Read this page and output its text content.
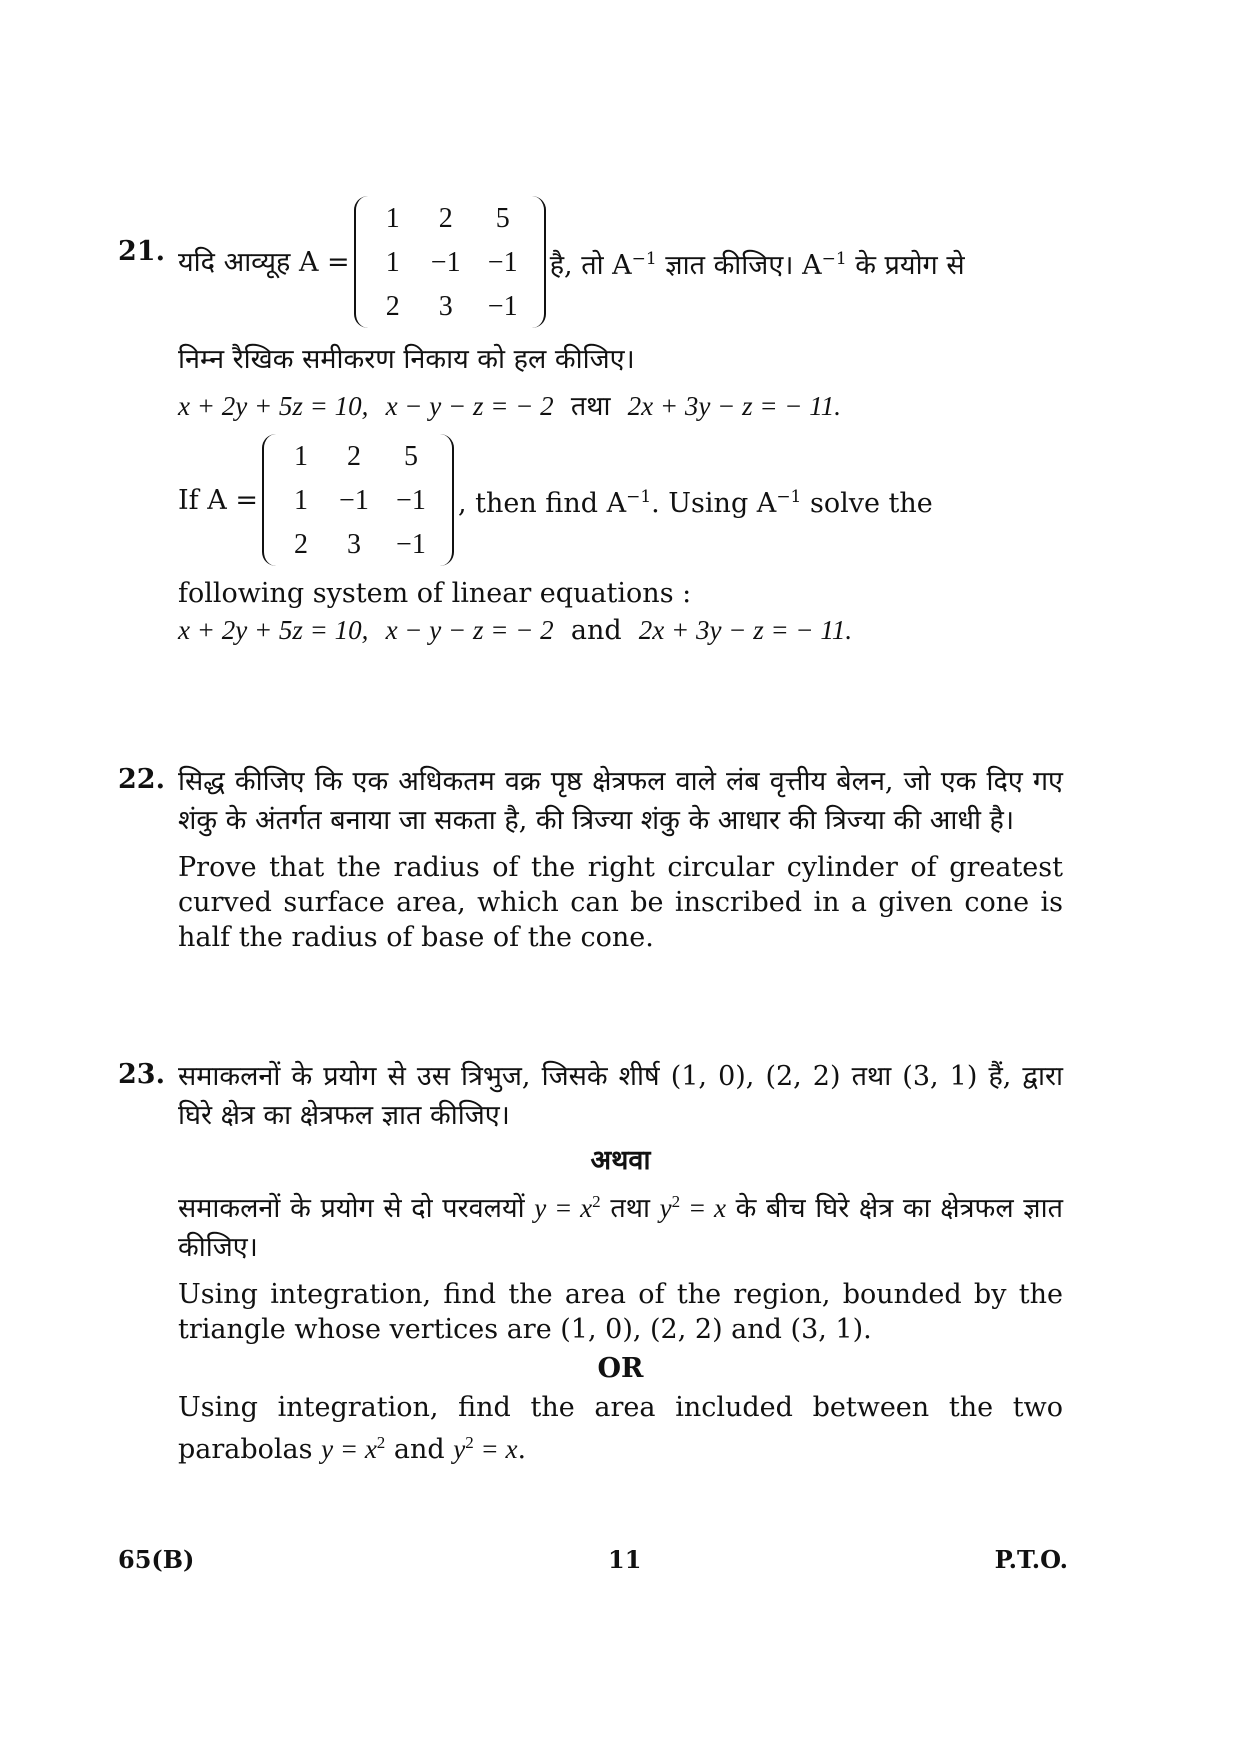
21. यदि आव्यूह A =
1	2	5
1	−1 −1
2	3	−1
है, तो $A^{-1}$ ज्ञात कीजिए। $A^{-1}$ के प्रयोग से

निम्न रैखिक समीकरण निकाय को हल कीजिए।

x + 2y + 5z = 10, x − y − z = − 2 तथा 2x + 3y − z = − 11.

If A =
1	2	5
1	−1 −1
2	3	−1
, then find $A^{-1}$. Using $A^{-1}$ solve the

following system of linear equations :

x + 2y + 5z = 10, x − y − z = − 2 and 2x + 3y − z = − 11.

22. सिद्ध कीजिए कि एक अधिकतम वक्र पृष्ठ क्षेत्रफल वाले लंब वृत्तीय बेलन, जो एक दिए गए शंकु के अंतर्गत बनाया जा सकता है, की त्रिज्या शंकु के आधार की त्रिज्या की आधी है।

Prove that the radius of the right circular cylinder of greatest curved surface area, which can be inscribed in a given cone is half the radius of base of the cone.

23. समाकलनों के प्रयोग से उस त्रिभुज, जिसके शीर्ष (1, 0), (2, 2) तथा (3, 1) हैं, द्वारा घिरे क्षेत्र का क्षेत्रफल ज्ञात कीजिए।

अथवा

समाकलनों के प्रयोग से दो परवलयों $y = x^2$ तथा $y^2 = x$ के बीच घिरे क्षेत्र का क्षेत्रफल ज्ञात कीजिए।

Using integration, find the area of the region, bounded by the triangle whose vertices are (1, 0), (2, 2) and (3, 1).

OR

Using integration, find the area included between the two parabolas $y = x^2$ and $y^2 = x$.

65(B)	11	P.T.O.
